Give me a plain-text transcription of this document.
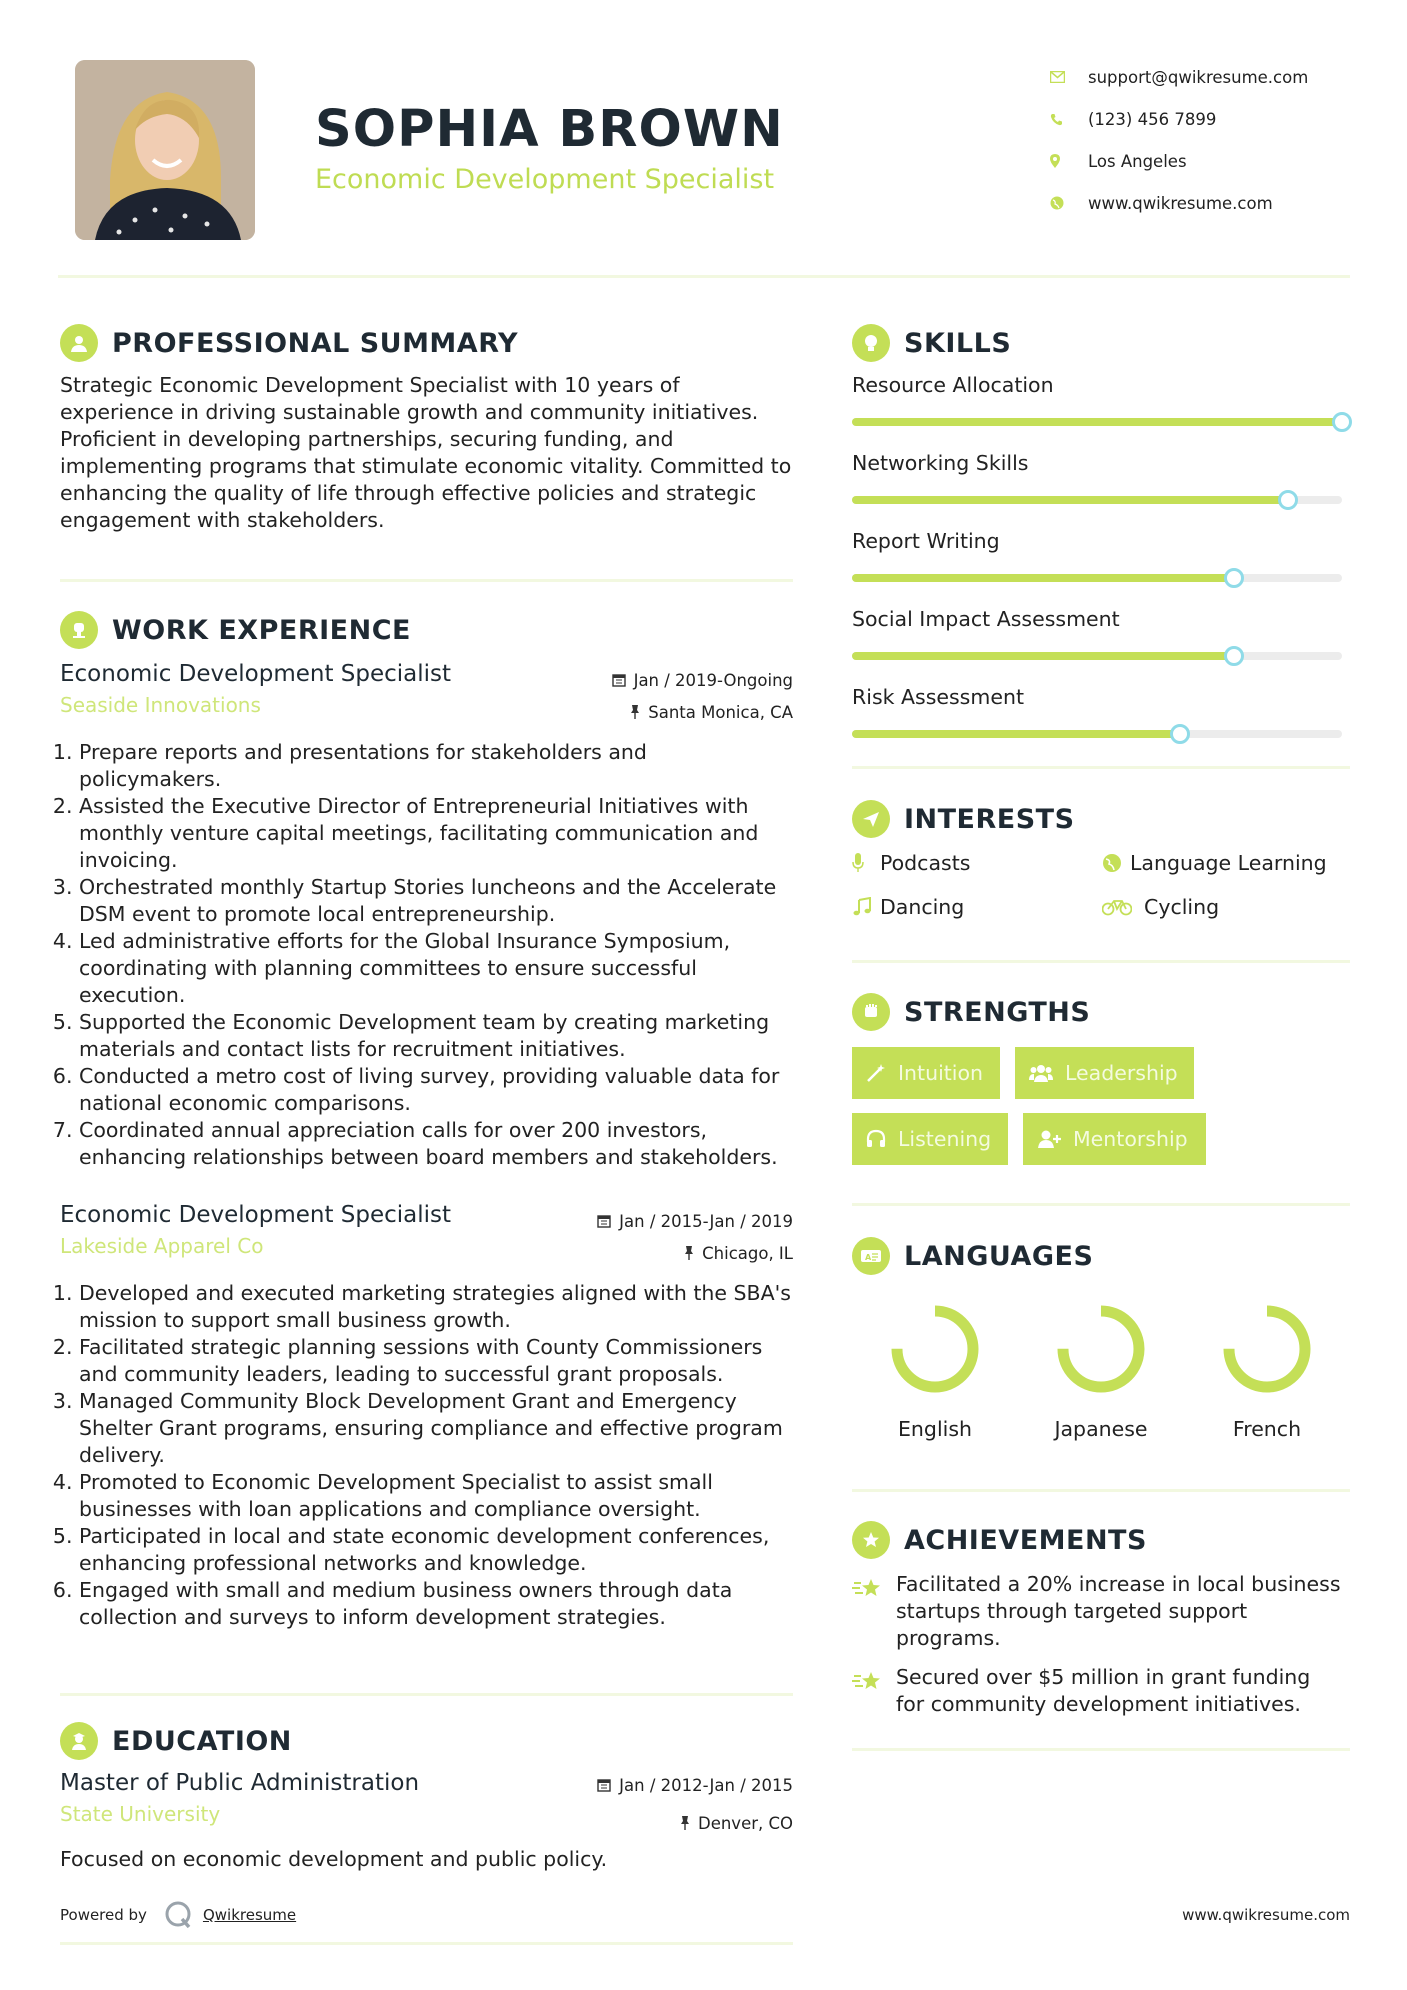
SOPHIA BROWN
Economic Development Specialist
support@qwikresume.com
(123) 456 7899
Los Angeles
www.qwikresume.com
PROFESSIONAL SUMMARY
Strategic Economic Development Specialist with 10 years of experience in driving sustainable growth and community initiatives. Proficient in developing partnerships, securing funding, and implementing programs that stimulate economic vitality. Committed to enhancing the quality of life through effective policies and strategic engagement with stakeholders.
WORK EXPERIENCE
Economic Development Specialist
Seaside Innovations
Jan / 2019-Ongoing
Santa Monica, CA
1. Prepare reports and presentations for stakeholders and policymakers.
2. Assisted the Executive Director of Entrepreneurial Initiatives with monthly venture capital meetings, facilitating communication and invoicing.
3. Orchestrated monthly Startup Stories luncheons and the Accelerate DSM event to promote local entrepreneurship.
4. Led administrative efforts for the Global Insurance Symposium, coordinating with planning committees to ensure successful execution.
5. Supported the Economic Development team by creating marketing materials and contact lists for recruitment initiatives.
6. Conducted a metro cost of living survey, providing valuable data for national economic comparisons.
7. Coordinated annual appreciation calls for over 200 investors, enhancing relationships between board members and stakeholders.
Economic Development Specialist
Lakeside Apparel Co
Jan / 2015-Jan / 2019
Chicago, IL
1. Developed and executed marketing strategies aligned with the SBA's mission to support small business growth.
2. Facilitated strategic planning sessions with County Commissioners and community leaders, leading to successful grant proposals.
3. Managed Community Block Development Grant and Emergency Shelter Grant programs, ensuring compliance and effective program delivery.
4. Promoted to Economic Development Specialist to assist small businesses with loan applications and compliance oversight.
5. Participated in local and state economic development conferences, enhancing professional networks and knowledge.
6. Engaged with small and medium business owners through data collection and surveys to inform development strategies.
EDUCATION
Master of Public Administration
State University
Jan / 2012-Jan / 2015
Denver, CO
Focused on economic development and public policy.
SKILLS
Resource Allocation
Networking Skills
Report Writing
Social Impact Assessment
Risk Assessment
INTERESTS
Podcasts	Language Learning
Dancing	Cycling
STRENGTHS
Intuition	Leadership
Listening	Mentorship
A LANGUAGES
English	Japanese	French
ACHIEVEMENTS
Facilitated a 20% increase in local business startups through targeted support programs.
Secured over $5 million in grant funding for community development initiatives.
Powered by	Qwikresume	www.qwikresume.com
